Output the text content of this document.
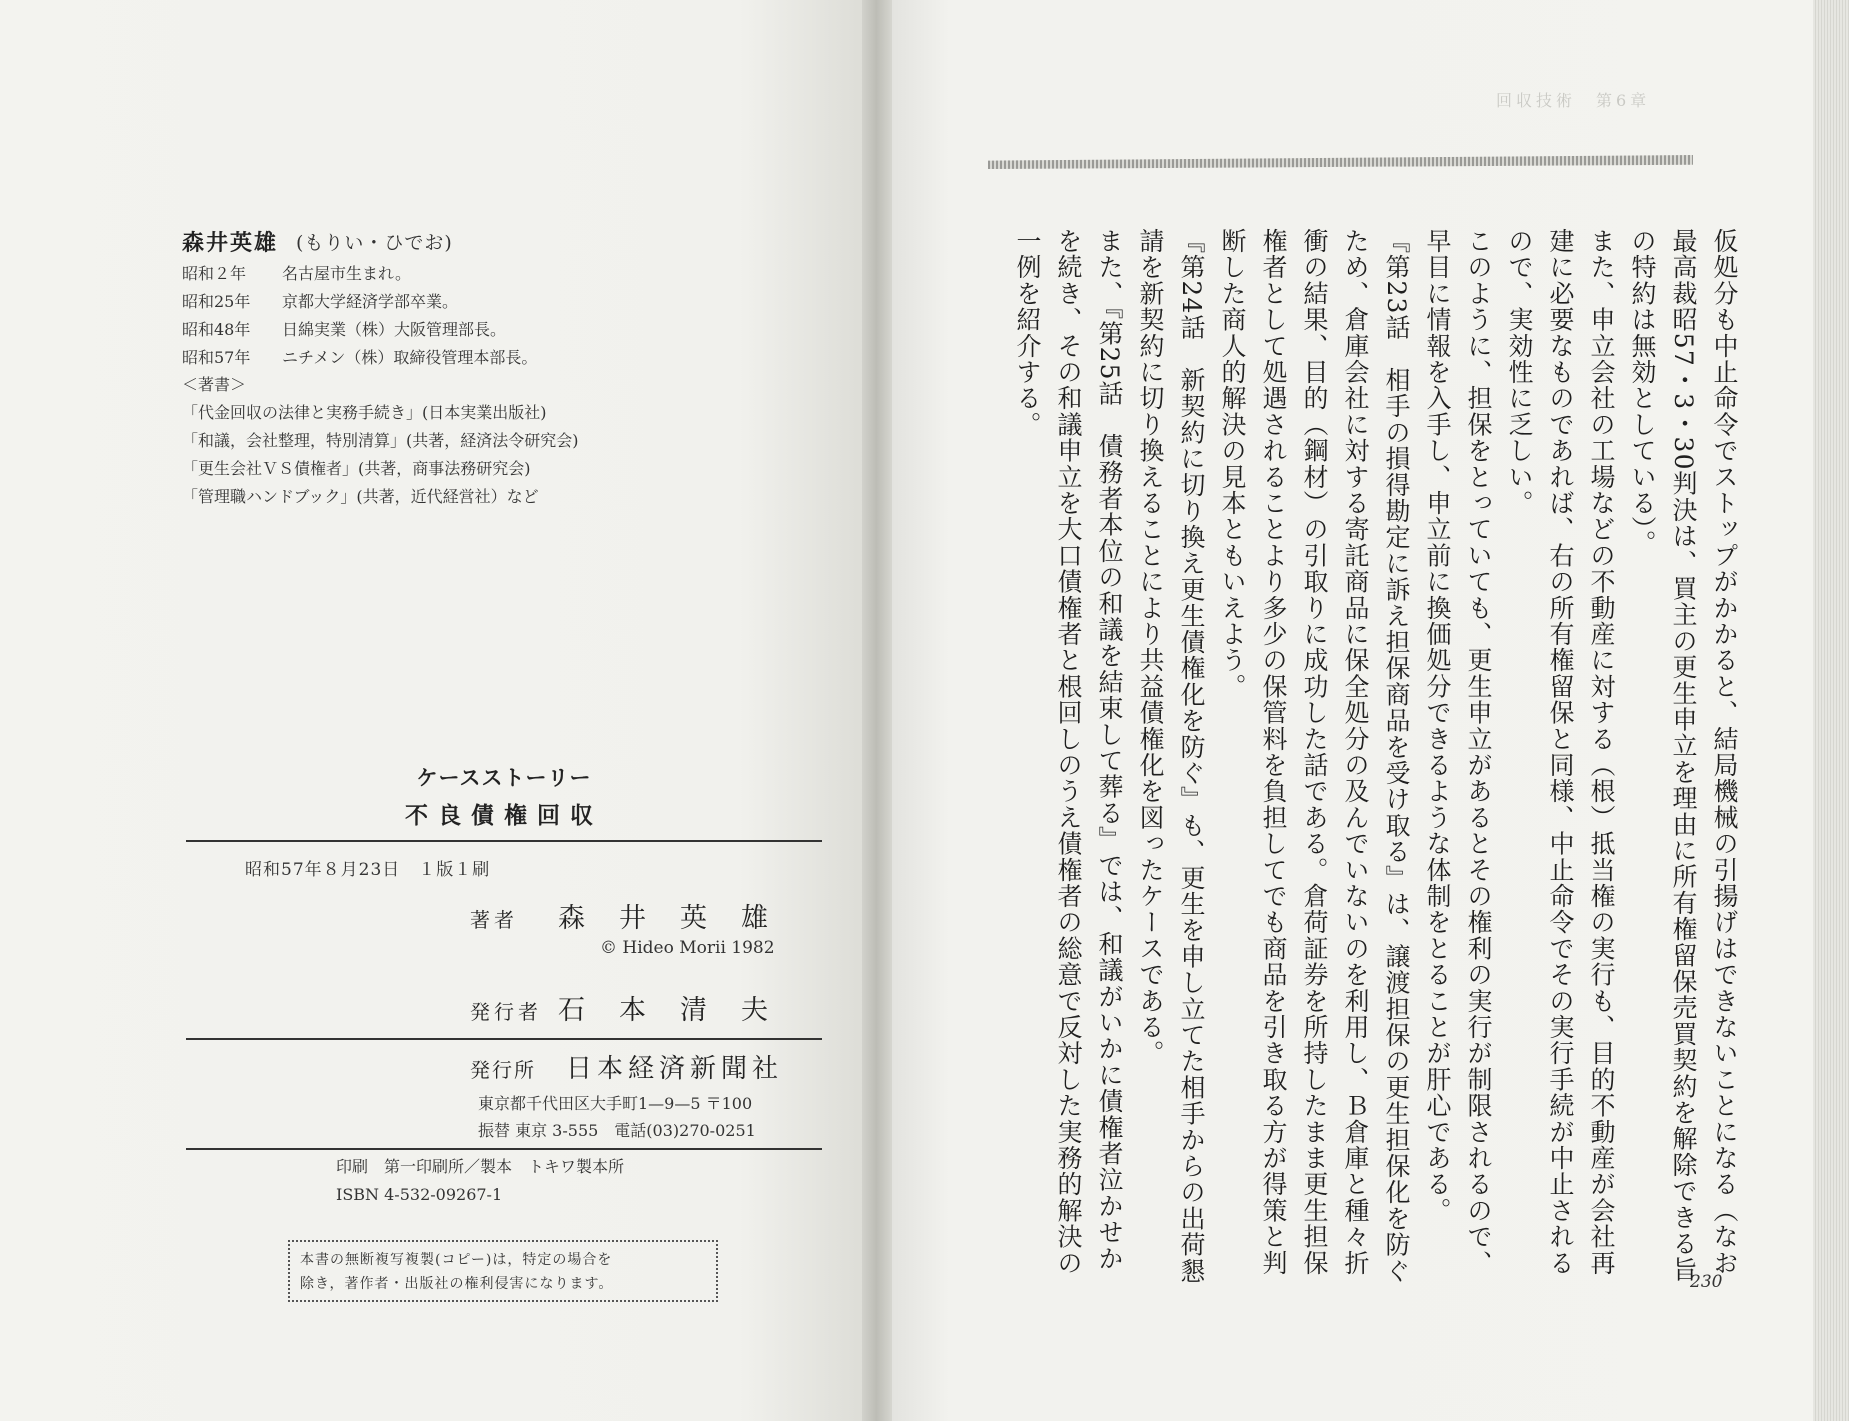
森井英雄 (もりい・ひでお)
昭和２年	名古屋市生まれ。
昭和25年	京都大学経済学部卒業。
昭和48年	日綿実業（株）大阪管理部長。
昭和57年	ニチメン（株）取締役管理本部長。
＜著書＞
「代金回収の法律と実務手続き」(日本実業出版社)
「和議，会社整理，特別清算」(共著，経済法令研究会)
「更生会社ＶＳ債権者」(共著，商事法務研究会)
「管理職ハンドブック」(共著，近代経営社）など
ケースストーリー
不良債権回収
昭和57年８月23日　１版１刷
著者	森井英雄
© Hideo Morii 1982
発行者 石本清夫
発行所	日本経済新聞社
東京都千代田区大手町1—9—5 〒100
振替 東京 3-555　電話(03)270-0251
印刷　第一印刷所／製本　トキワ製本所
ISBN 4-532-09267-1
本書の無断複写複製(コピー)は，特定の場合を
除き，著作者・出版社の権利侵害になります。
回収技術　第6章

仮処分も中止命令でストップがかかると、結局機械の引揚げはできないことになる（なお最高裁昭57・3・30判決は、買主の更生申立を理由に所有権留保売買契約を解除できる旨の特約は無効としている）。

また、申立会社の工場などの不動産に対する（根）抵当権の実行も、目的不動産が会社再建に必要なものであれば、右の所有権留保と同様、中止命令でその実行手続が中止されるので、実効性に乏しい。

このように、担保をとっていても、更生申立があるとその権利の実行が制限されるので、早目に情報を入手し、申立前に換価処分できるような体制をとることが肝心である。

『第23話　相手の損得勘定に訴え担保商品を受け取る』は、譲渡担保の更生担保化を防ぐため、倉庫会社に対する寄託商品に保全処分の及んでいないのを利用し、Ｂ倉庫と種々折衝の結果、目的（鋼材）の引取りに成功した話である。倉荷証券を所持したまま更生担保権者として処遇されることより多少の保管料を負担してでも商品を引き取る方が得策と判断した商人的解決の見本ともいえよう。

『第24話　新契約に切り換え更生債権化を防ぐ』も、更生を申し立てた相手からの出荷懇請を新契約に切り換えることにより共益債権化を図ったケースである。

また、『第25話　債務者本位の和議を結束して葬る』では、和議がいかに債権者泣かせかを続き、その和議申立を大口債権者と根回しのうえ債権者の総意で反対した実務的解決の一例を紹介する。

230
